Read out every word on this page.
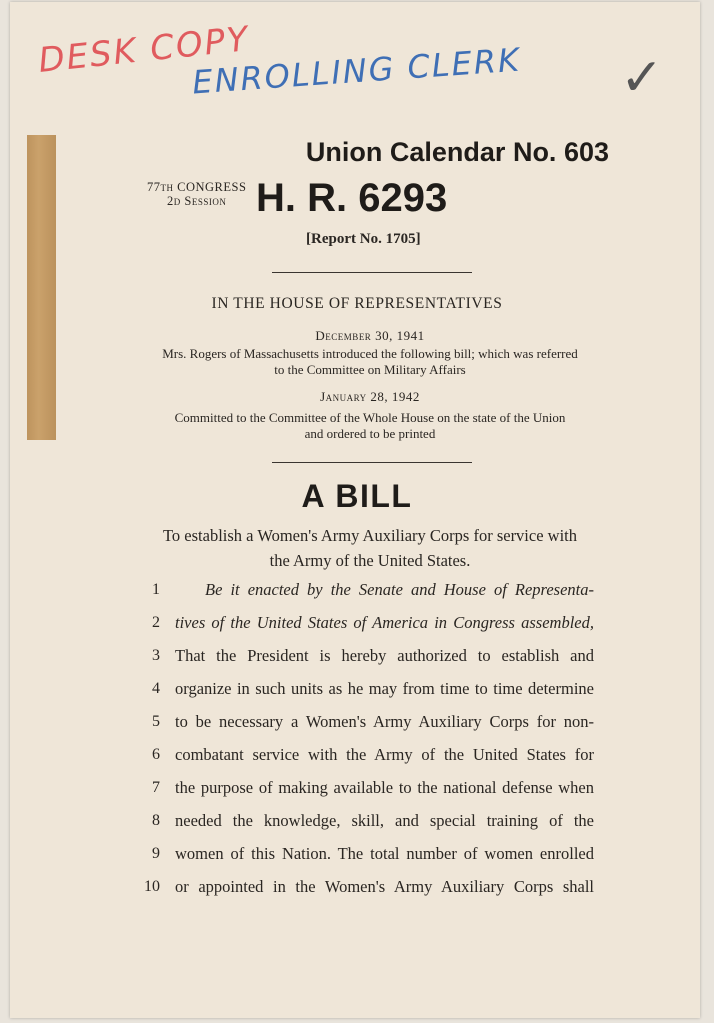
DESK COPY
ENROLLING CLERK ✓
Union Calendar No. 603
77th CONGRESS
2d Session H. R. 6293
[Report No. 1705]
IN THE HOUSE OF REPRESENTATIVES
December 30, 1941
Mrs. Rogers of Massachusetts introduced the following bill; which was referred
to the Committee on Military Affairs
January 28, 1942
Committed to the Committee of the Whole House on the state of the Union
and ordered to be printed
A BILL
To establish a Women's Army Auxiliary Corps for service with
the Army of the United States.
1	Be it enacted by the Senate and House of Representa-
2 tives of the United States of America in Congress assembled,
3 That the President is hereby authorized to establish and
4 organize in such units as he may from time to time determine
5 to be necessary a Women's Army Auxiliary Corps for non-
6 combatant service with the Army of the United States for
7 the purpose of making available to the national defense when
8 needed the knowledge, skill, and special training of the
9 women of this Nation. The total number of women enrolled
10 or appointed in the Women's Army Auxiliary Corps shall
